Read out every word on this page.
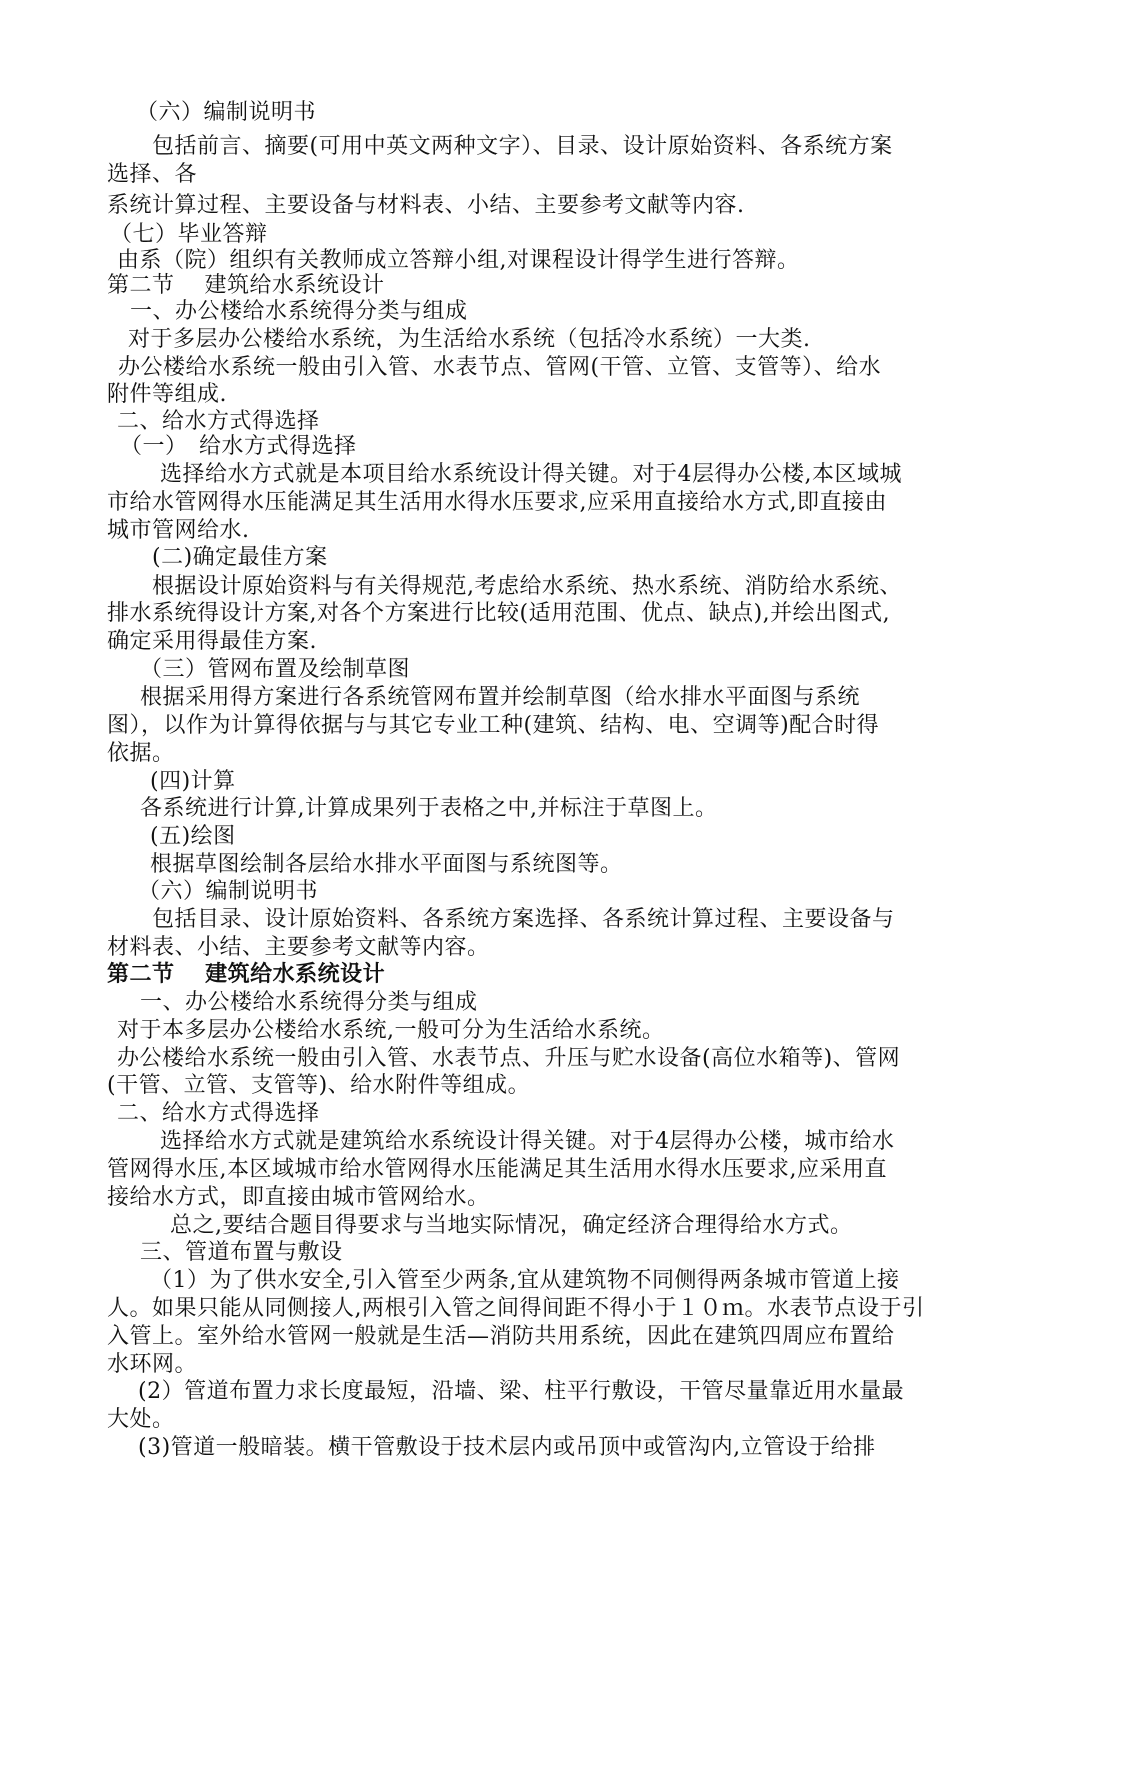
（六）编制说明书
包括前言、摘要(可用中英文两种文字）、目录、设计原始资料、各系统方案
选择、各
系统计算过程、主要设备与材料表、小结、主要参考文献等内容.
（七）毕业答辩
由系（院）组织有关教师成立答辩小组,对课程设计得学生进行答辩。
第二节　 建筑给水系统设计
一、办公楼给水系统得分类与组成
对于多层办公楼给水系统，为生活给水系统（包括冷水系统）一大类.
办公楼给水系统一般由引入管、水表节点、管网(干管、立管、支管等）、给水
附件等组成.
二、给水方式得选择
（一）　给水方式得选择
选择给水方式就是本项目给水系统设计得关键。对于4层得办公楼,本区域城
市给水管网得水压能满足其生活用水得水压要求,应采用直接给水方式,即直接由
城市管网给水.
(二)确定最佳方案
根据设计原始资料与有关得规范,考虑给水系统、热水系统、消防给水系统、
排水系统得设计方案,对各个方案进行比较(适用范围、优点、缺点),并绘出图式,
确定采用得最佳方案.
（三）管网布置及绘制草图
根据采用得方案进行各系统管网布置并绘制草图（给水排水平面图与系统
图），以作为计算得依据与与其它专业工种(建筑、结构、电、空调等)配合时得
依据。
(四)计算
各系统进行计算,计算成果列于表格之中,并标注于草图上。
(五)绘图
根据草图绘制各层给水排水平面图与系统图等。
（六）编制说明书
包括目录、设计原始资料、各系统方案选择、各系统计算过程、主要设备与
材料表、小结、主要参考文献等内容。
第二节　 建筑给水系统设计
一、办公楼给水系统得分类与组成
对于本多层办公楼给水系统,一般可分为生活给水系统。
办公楼给水系统一般由引入管、水表节点、升压与贮水设备(高位水箱等)、管网
(干管、立管、支管等)、给水附件等组成。
二、给水方式得选择
选择给水方式就是建筑给水系统设计得关键。对于4层得办公楼，城市给水
管网得水压,本区域城市给水管网得水压能满足其生活用水得水压要求,应采用直
接给水方式，即直接由城市管网给水。
总之,要结合题目得要求与当地实际情况，确定经济合理得给水方式。
三、管道布置与敷设
（1）为了供水安全,引入管至少两条,宜从建筑物不同侧得两条城市管道上接
人。如果只能从同侧接人,两根引入管之间得间距不得小于１０ｍ。水表节点设于引
入管上。室外给水管网一般就是生活—消防共用系统，因此在建筑四周应布置给
水环网。
(2）管道布置力求长度最短，沿墙、梁、柱平行敷设，干管尽量靠近用水量最
大处。
(3)管道一般暗装。横干管敷设于技术层内或吊顶中或管沟内,立管设于给排
